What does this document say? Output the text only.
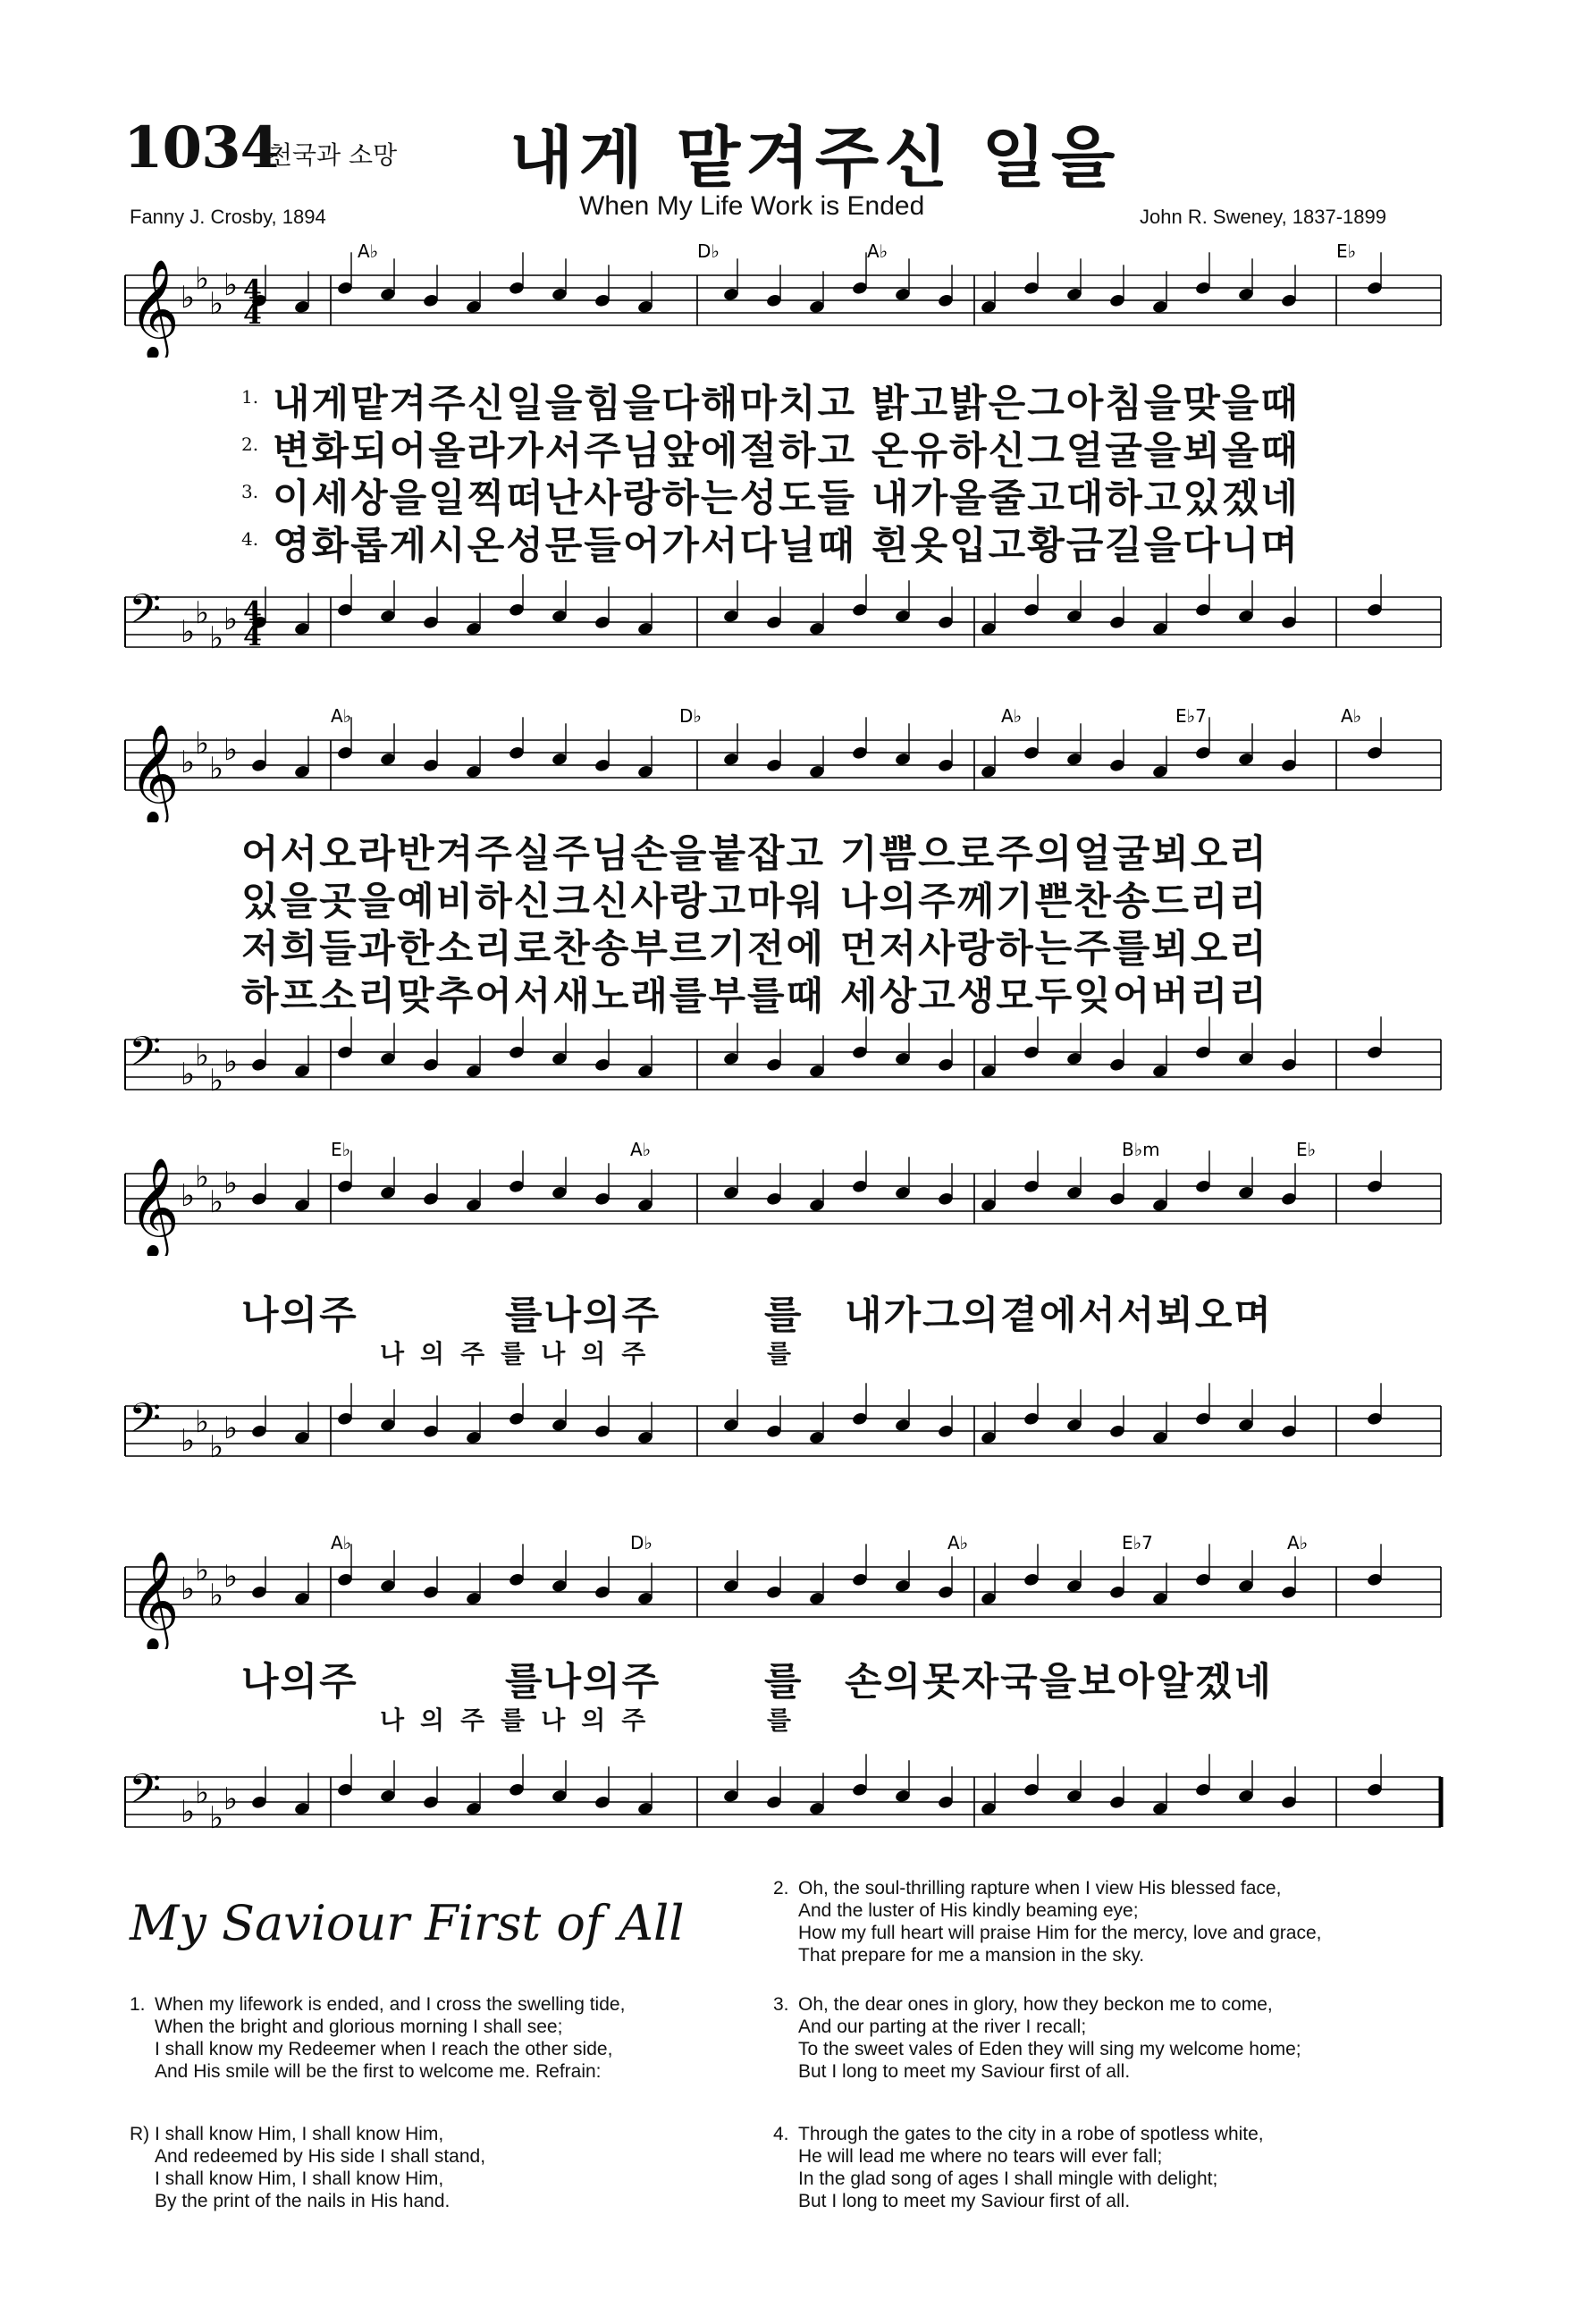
1034
천국과 소망 내게 맡겨주신 일을
When My Life Work is Ended
Fanny J. Crosby, 1894	John R. Sweney, 1837-1899
𝄞 ♭
♭
♭
♭
A♭	D♭	A♭	E♭
4
4
𝄢 ♭
♭
♭
♭ 4
4
1.
2.
3.
4.
내게맡겨주신일을힘을다해마치고 밝고밝은그아침을맞을때
변화되어올라가서주님앞에절하고 온유하신그얼굴을뵈올때
이세상을일찍떠난사랑하는성도들 내가올줄고대하고있겠네
영화롭게시온성문들어가서다닐때 흰옷입고황금길을다니며
𝄞 ♭
♭
♭
♭
A♭	D♭	A♭	E♭7	A♭
𝄢 ♭
♭
♭
♭
어서오라반겨주실주님손을붙잡고 기쁨으로주의얼굴뵈오리
있을곳을예비하신크신사랑고마워 나의주께기쁜찬송드리리
저희들과한소리로찬송부르기전에 먼저사랑하는주를뵈오리
하프소리맞추어서새노래를부를때 세상고생모두잊어버리리
𝄞 ♭
♭
♭
♭
E♭	A♭	B♭m	E♭
𝄢 ♭
♭
♭
♭
나의주	를나의주	를 내가그의곁에서서뵈오며
나의주를나의주	를
𝄞 ♭
♭
♭
♭
A♭	D♭	A♭	E♭7	A♭
나의주	를나의주	를 손의못자국을보아알겠네
나의주를나의주	를
𝄢 ♭
♭
♭
♭
My Saviour First of All
1. When my lifework is ended, and I cross the swelling tide,
When the bright and glorious morning I shall see;
I shall know my Redeemer when I reach the other side,
And His smile will be the first to welcome me. Refrain:
R) I shall know Him, I shall know Him,
And redeemed by His side I shall stand,
I shall know Him, I shall know Him,
By the print of the nails in His hand.
2. Oh, the soul-thrilling rapture when I view His blessed face,
And the luster of His kindly beaming eye;
How my full heart will praise Him for the mercy, love and grace,
That prepare for me a mansion in the sky.
3. Oh, the dear ones in glory, how they beckon me to come,
And our parting at the river I recall;
To the sweet vales of Eden they will sing my welcome home;
But I long to meet my Saviour first of all.
4. Through the gates to the city in a robe of spotless white,
He will lead me where no tears will ever fall;
In the glad song of ages I shall mingle with delight;
But I long to meet my Saviour first of all.
